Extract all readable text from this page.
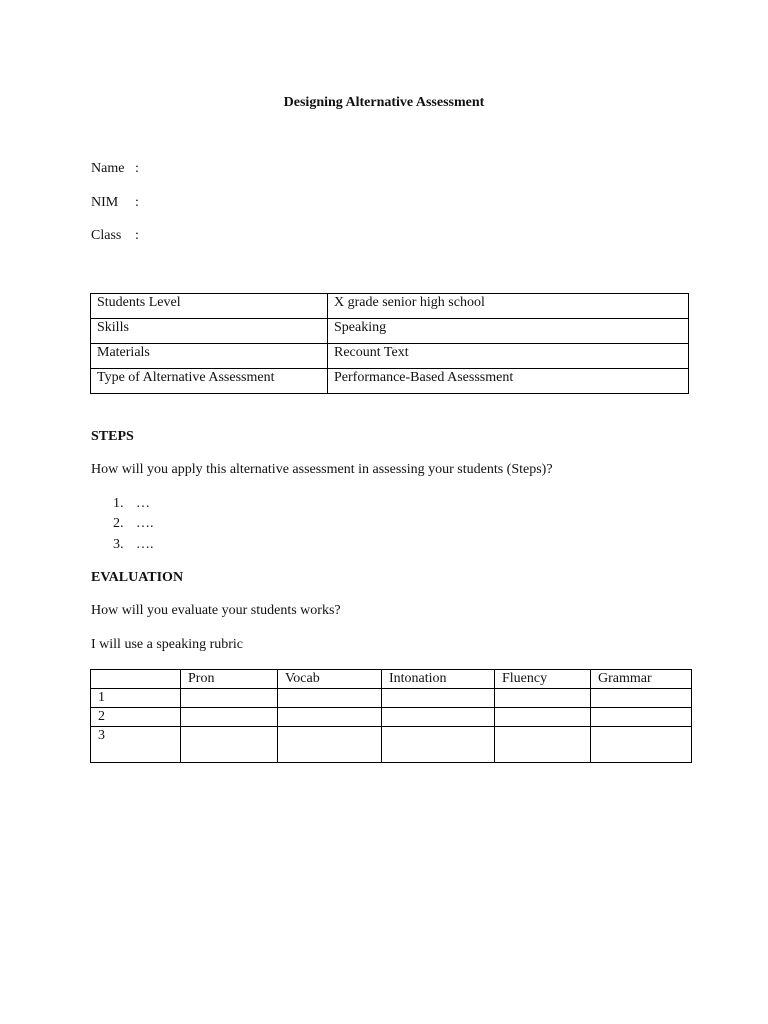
Designing Alternative Assessment
Name :
NIM :
Class :
Students Level	X grade senior high school
Skills	Speaking
Materials	Recount Text
Type of Alternative Assessment	Performance-Based Asesssment
STEPS
How will you apply this alternative assessment in assessing your students (Steps)?
1. …
2. ….
3. ….
EVALUATION
How will you evaluate your students works?
I will use a speaking rubric
	Pron	Vocab	Intonation	Fluency	Grammar
1					
2					
3					
